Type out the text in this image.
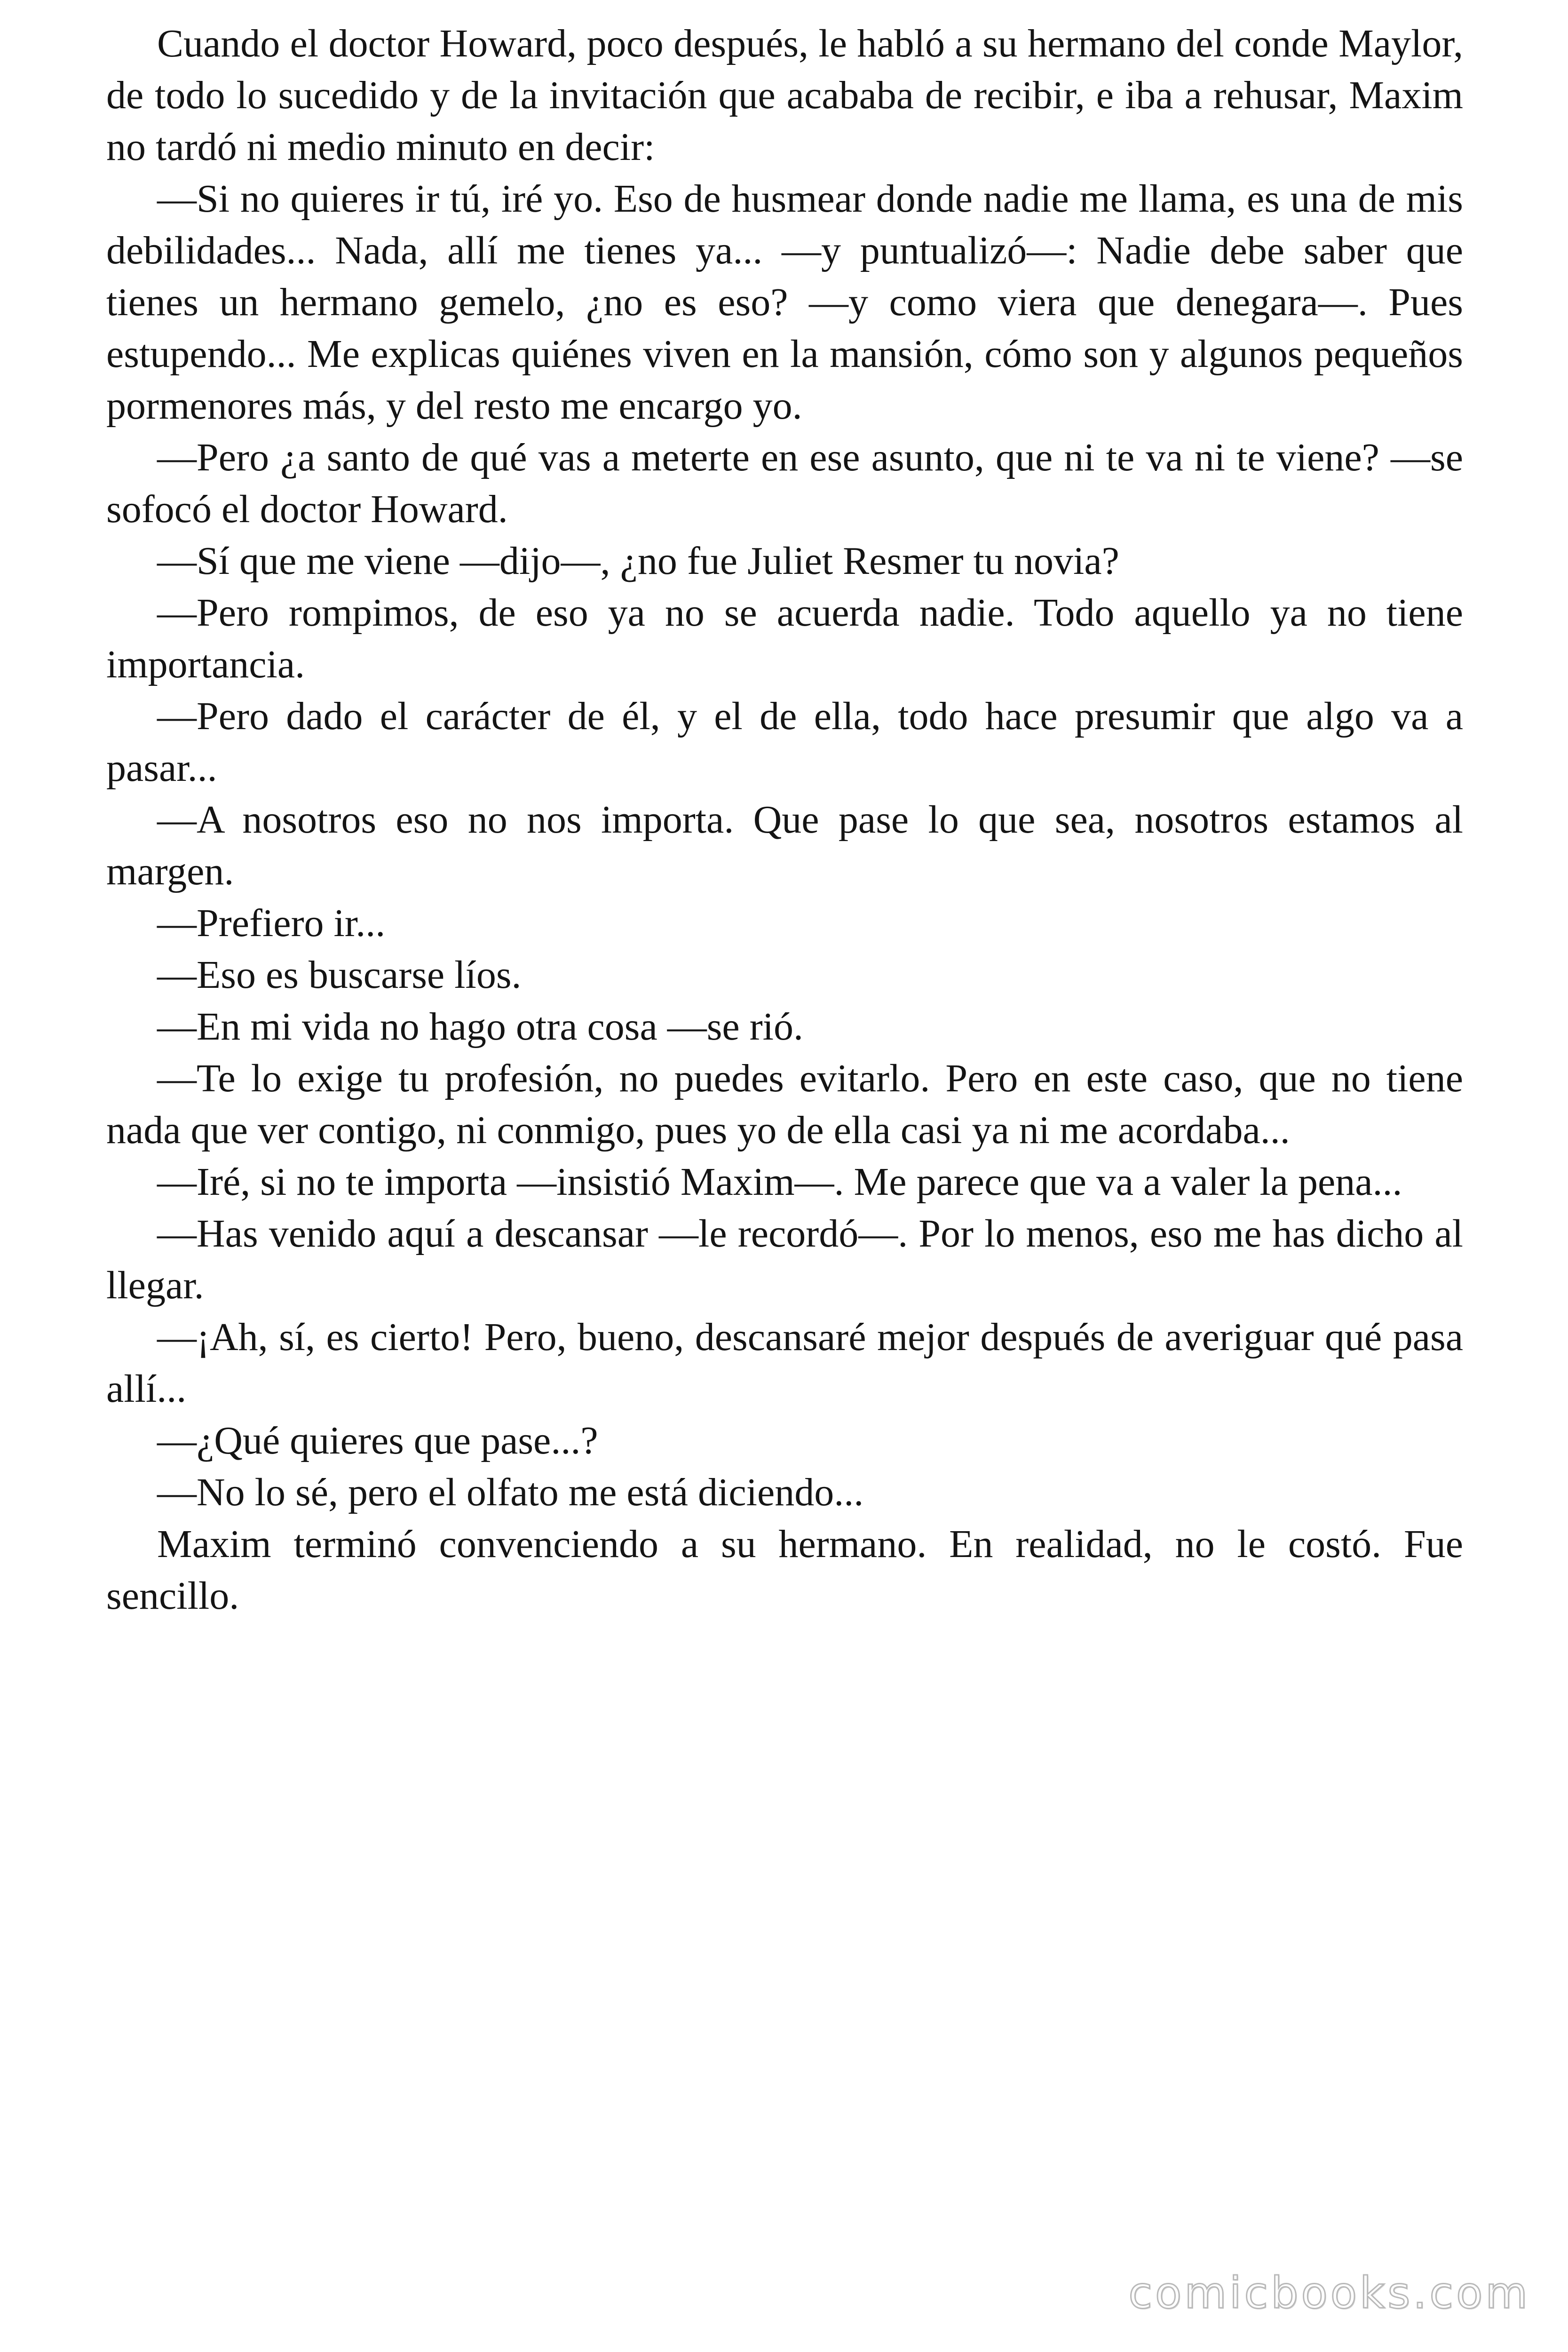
Cuando el doctor Howard, poco después, le habló a su hermano del conde Maylor, de todo lo sucedido y de la invitación que acababa de recibir, e iba a rehusar, Maxim no tardó ni medio minuto en decir:

—Si no quieres ir tú, iré yo. Eso de husmear donde nadie me llama, es una de mis debilidades... Nada, allí me tienes ya... —y puntualizó—: Nadie debe saber que tienes un hermano gemelo, ¿no es eso? —y como viera que denegara—. Pues estupendo... Me explicas quiénes viven en la mansión, cómo son y algunos pequeños pormenores más, y del resto me encargo yo.

—Pero ¿a santo de qué vas a meterte en ese asunto, que ni te va ni te viene? —se sofocó el doctor Howard.

—Sí que me viene —dijo—, ¿no fue Juliet Resmer tu novia?

—Pero rompimos, de eso ya no se acuerda nadie. Todo aquello ya no tiene importancia.

—Pero dado el carácter de él, y el de ella, todo hace presumir que algo va a pasar...

—A nosotros eso no nos importa. Que pase lo que sea, nosotros estamos al margen.

—Prefiero ir...

—Eso es buscarse líos.

—En mi vida no hago otra cosa —se rió.

—Te lo exige tu profesión, no puedes evitarlo. Pero en este caso, que no tiene nada que ver contigo, ni conmigo, pues yo de ella casi ya ni me acordaba...

—Iré, si no te importa —insistió Maxim—. Me parece que va a valer la pena...

—Has venido aquí a descansar —le recordó—. Por lo menos, eso me has dicho al llegar.

—¡Ah, sí, es cierto! Pero, bueno, descansaré mejor después de averiguar qué pasa allí...

—¿Qué quieres que pase...?

—No lo sé, pero el olfato me está diciendo...

Maxim terminó convenciendo a su hermano. En realidad, no le costó. Fue sencillo.

comicbooks.com
